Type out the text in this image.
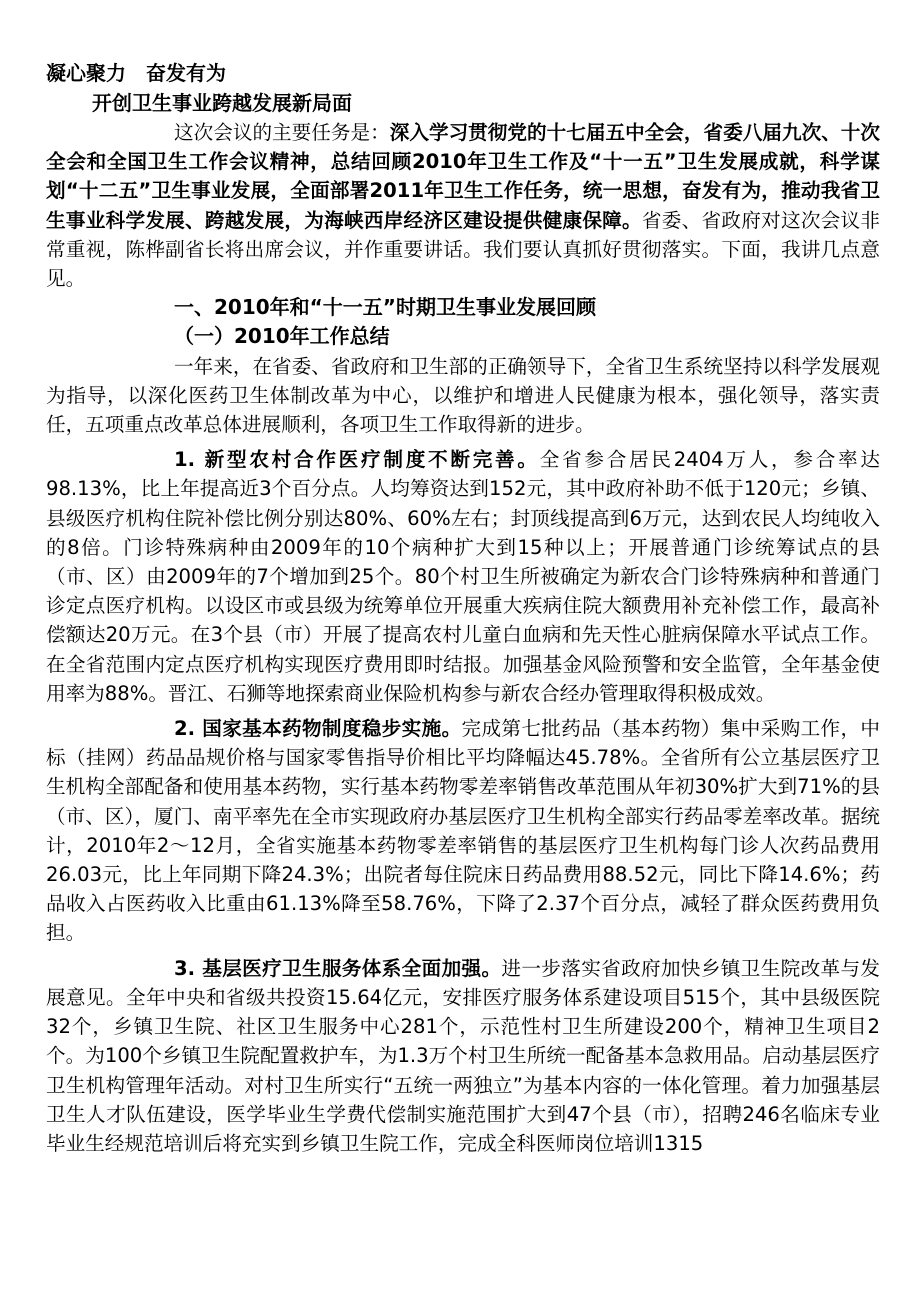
凝心聚力　奋发有为
开创卫生事业跨越发展新局面

这次会议的主要任务是：深入学习贯彻党的十七届五中全会，省委八届九次、十次全会和全国卫生工作会议精神，总结回顾2010年卫生工作及“十一五”卫生发展成就，科学谋划“十二五”卫生事业发展，全面部署2011年卫生工作任务，统一思想，奋发有为，推动我省卫生事业科学发展、跨越发展，为海峡西岸经济区建设提供健康保障。省委、省政府对这次会议非常重视，陈桦副省长将出席会议，并作重要讲话。我们要认真抓好贯彻落实。下面，我讲几点意见。

一、2010年和“十一五”时期卫生事业发展回顾
（一）2010年工作总结

一年来，在省委、省政府和卫生部的正确领导下，全省卫生系统坚持以科学发展观为指导，以深化医药卫生体制改革为中心，以维护和增进人民健康为根本，强化领导，落实责任，五项重点改革总体进展顺利，各项卫生工作取得新的进步。

1. 新型农村合作医疗制度不断完善。全省参合居民2404万人，参合率达98.13%，比上年提高近3个百分点。人均筹资达到152元，其中政府补助不低于120元；乡镇、县级医疗机构住院补偿比例分别达80%、60%左右；封顶线提高到6万元，达到农民人均纯收入的8倍。门诊特殊病种由2009年的10个病种扩大到15种以上；开展普通门诊统筹试点的县（市、区）由2009年的7个增加到25个。80个村卫生所被确定为新农合门诊特殊病种和普通门诊定点医疗机构。以设区市或县级为统筹单位开展重大疾病住院大额费用补充补偿工作，最高补偿额达20万元。在3个县（市）开展了提高农村儿童白血病和先天性心脏病保障水平试点工作。在全省范围内定点医疗机构实现医疗费用即时结报。加强基金风险预警和安全监管，全年基金使用率为88%。晋江、石狮等地探索商业保险机构参与新农合经办管理取得积极成效。

2. 国家基本药物制度稳步实施。完成第七批药品（基本药物）集中采购工作，中标（挂网）药品品规价格与国家零售指导价相比平均降幅达45.78%。全省所有公立基层医疗卫生机构全部配备和使用基本药物，实行基本药物零差率销售改革范围从年初30%扩大到71%的县（市、区），厦门、南平率先在全市实现政府办基层医疗卫生机构全部实行药品零差率改革。据统计，2010年2～12月，全省实施基本药物零差率销售的基层医疗卫生机构每门诊人次药品费用26.03元，比上年同期下降24.3%；出院者每住院床日药品费用88.52元，同比下降14.6%；药品收入占医药收入比重由61.13%降至58.76%，下降了2.37个百分点，减轻了群众医药费用负担。

3. 基层医疗卫生服务体系全面加强。进一步落实省政府加快乡镇卫生院改革与发展意见。全年中央和省级共投资15.64亿元，安排医疗服务体系建设项目515个，其中县级医院32个，乡镇卫生院、社区卫生服务中心281个，示范性村卫生所建设200个，精神卫生项目2个。为100个乡镇卫生院配置救护车，为1.3万个村卫生所统一配备基本急救用品。启动基层医疗卫生机构管理年活动。对村卫生所实行“五统一两独立”为基本内容的一体化管理。着力加强基层卫生人才队伍建设，医学毕业生学费代偿制实施范围扩大到47个县（市），招聘246名临床专业毕业生经规范培训后将充实到乡镇卫生院工作，完成全科医师岗位培训1315
